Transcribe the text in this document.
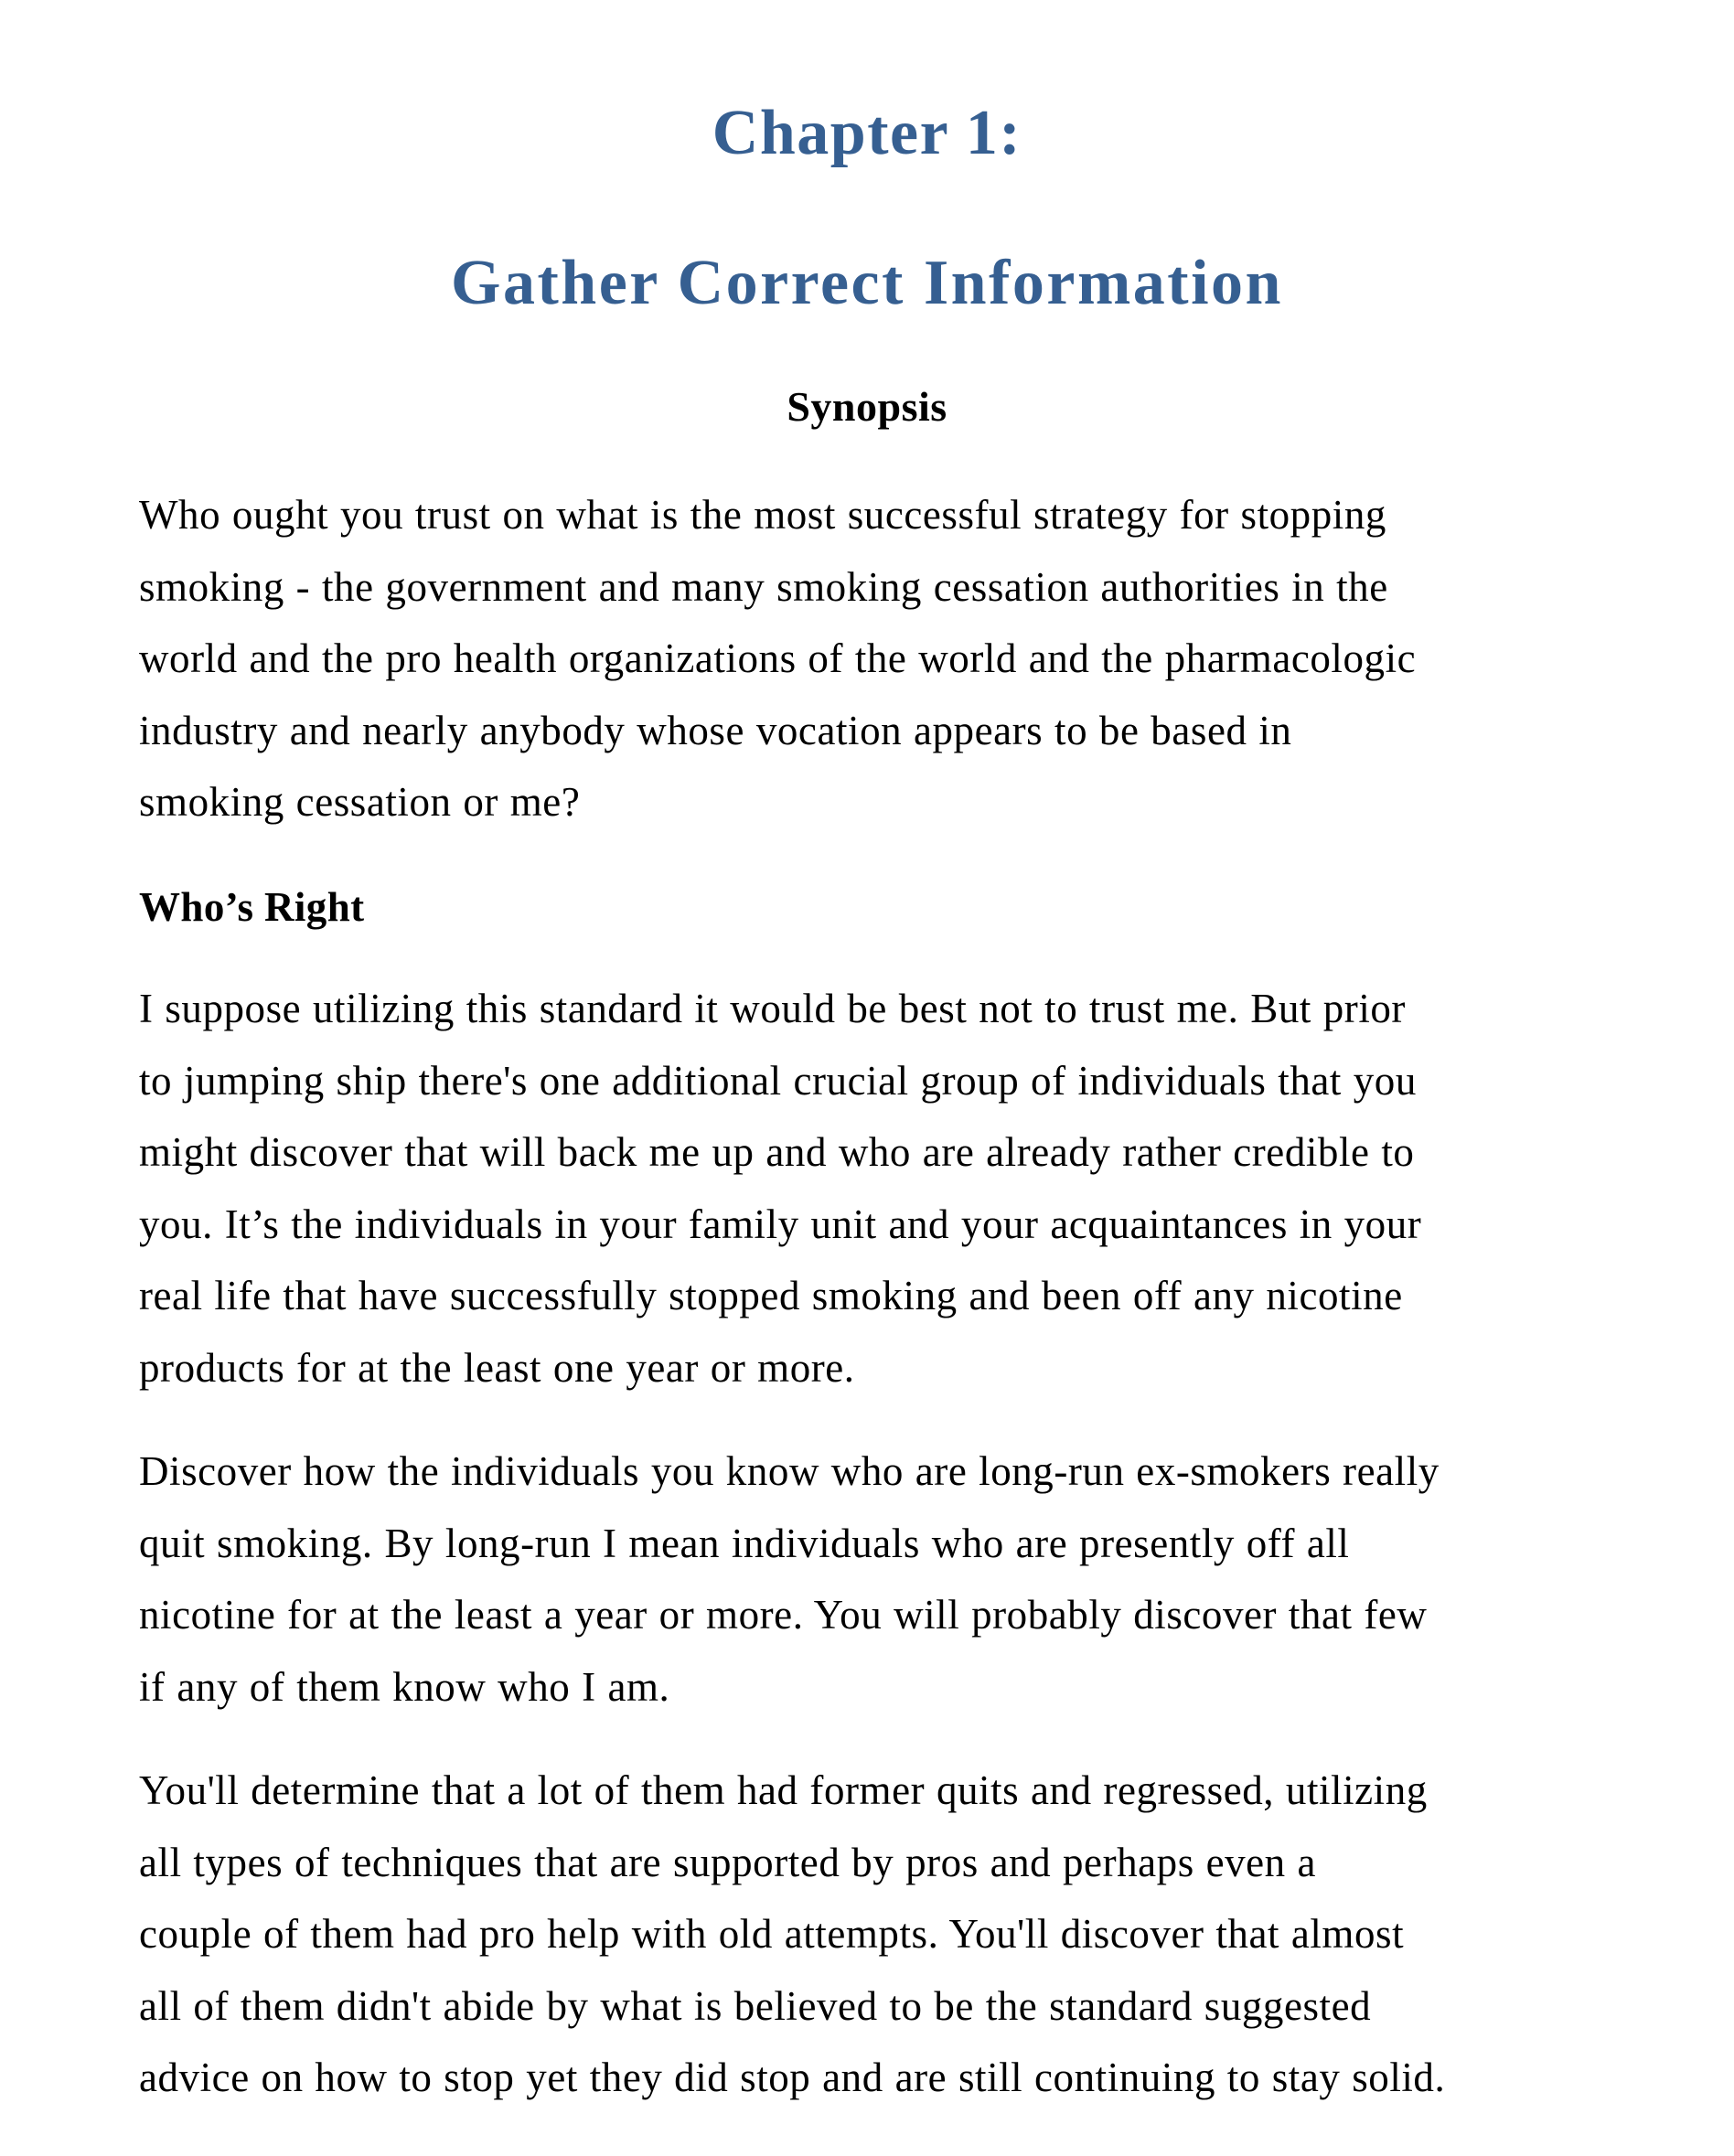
Chapter 1:
Gather Correct Information
Synopsis

Who ought you trust on what is the most successful strategy for stopping
smoking - the government and many smoking cessation authorities in the
world and the pro health organizations of the world and the pharmacologic
industry and nearly anybody whose vocation appears to be based in
smoking cessation or me?

Who’s Right

I suppose utilizing this standard it would be best not to trust me. But prior
to jumping ship there's one additional crucial group of individuals that you
might discover that will back me up and who are already rather credible to
you. It’s the individuals in your family unit and your acquaintances in your
real life that have successfully stopped smoking and been off any nicotine
products for at the least one year or more.

Discover how the individuals you know who are long-run ex-smokers really
quit smoking. By long-run I mean individuals who are presently off all
nicotine for at the least a year or more. You will probably discover that few
if any of them know who I am.

You'll determine that a lot of them had former quits and regressed, utilizing
all types of techniques that are supported by pros and perhaps even a
couple of them had pro help with old attempts. You'll discover that almost
all of them didn't abide by what is believed to be the standard suggested
advice on how to stop yet they did stop and are still continuing to stay solid.
